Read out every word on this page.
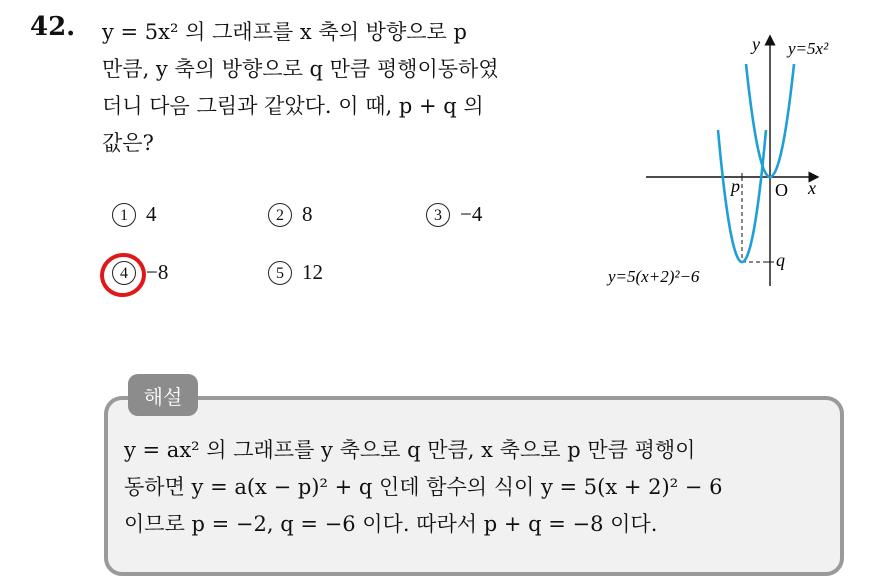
42. y = 5x² 의 그래프를 x 축의 방향으로 p
만큼, y 축의 방향으로 q 만큼 평행이동하였
더니 다음 그림과 같았다. 이 때, p + q 의
값은?
1 4	2 8	3 −4
4 −8	5 12
y
x
O
p
q
y=5x²
y=5(x+2)²−6
해설
y = ax² 의 그래프를 y 축으로 q 만큼, x 축으로 p 만큼 평행이
동하면 y = a(x − p)² + q 인데 함수의 식이 y = 5(x + 2)² − 6
이므로 p = −2, q = −6 이다. 따라서 p + q = −8 이다.
